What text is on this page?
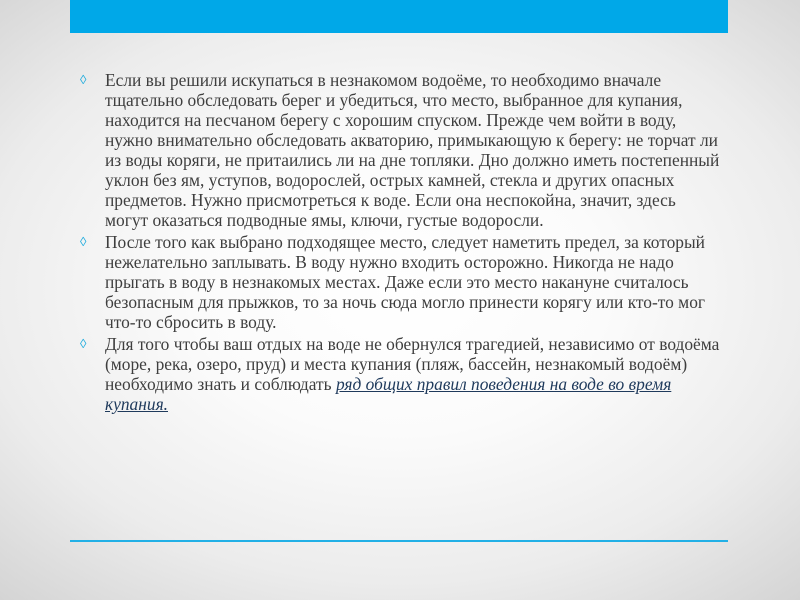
◊ Если вы решили искупаться в незнакомом водоёме, то необходимо вначале тщательно обследовать берег и убедиться, что место, выбранное для купания, находится на песчаном берегу с хорошим спуском. Прежде чем войти в воду, нужно внимательно обследовать акваторию, примыкающую к берегу: не торчат ли из воды коряги, не притаились ли на дне топляки. Дно должно иметь постепенный уклон без ям, уступов, водорослей, острых камней, стекла и других опасных предметов. Нужно присмотреться к воде. Если она неспокойна, значит, здесь могут оказаться подводные ямы, ключи, густые водоросли.
◊ После того как выбрано подходящее место, следует наметить предел, за который нежелательно заплывать. В воду нужно входить осторожно. Никогда не надо прыгать в воду в незнакомых местах. Даже если это место накануне считалось безопасным для прыжков, то за ночь сюда могло принести корягу или кто-то мог что-то сбросить в воду.
◊ Для того чтобы ваш отдых на воде не обернулся трагедией, независимо от водоёма (море, река, озеро, пруд) и места купания (пляж, бассейн, незнакомый водоём) необходимо знать и соблюдать ряд общих правил поведения на воде во время купания.
